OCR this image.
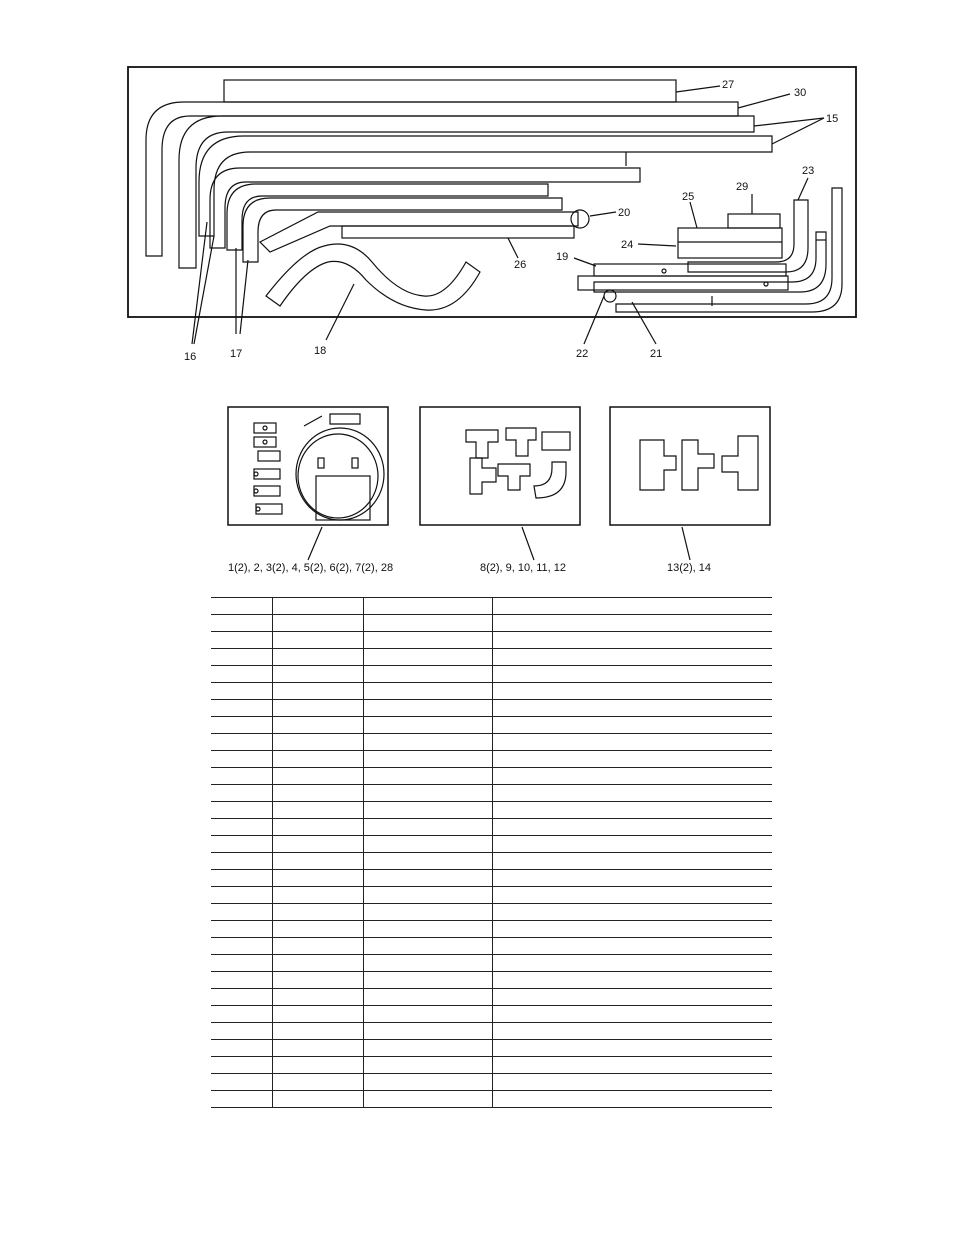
27
30
15
23
29
25
20
24
26
19
16	17	18	22	21
1(2), 2, 3(2), 4, 5(2), 6(2), 7(2), 28	8(2), 9, 10, 11, 12	13(2), 14
